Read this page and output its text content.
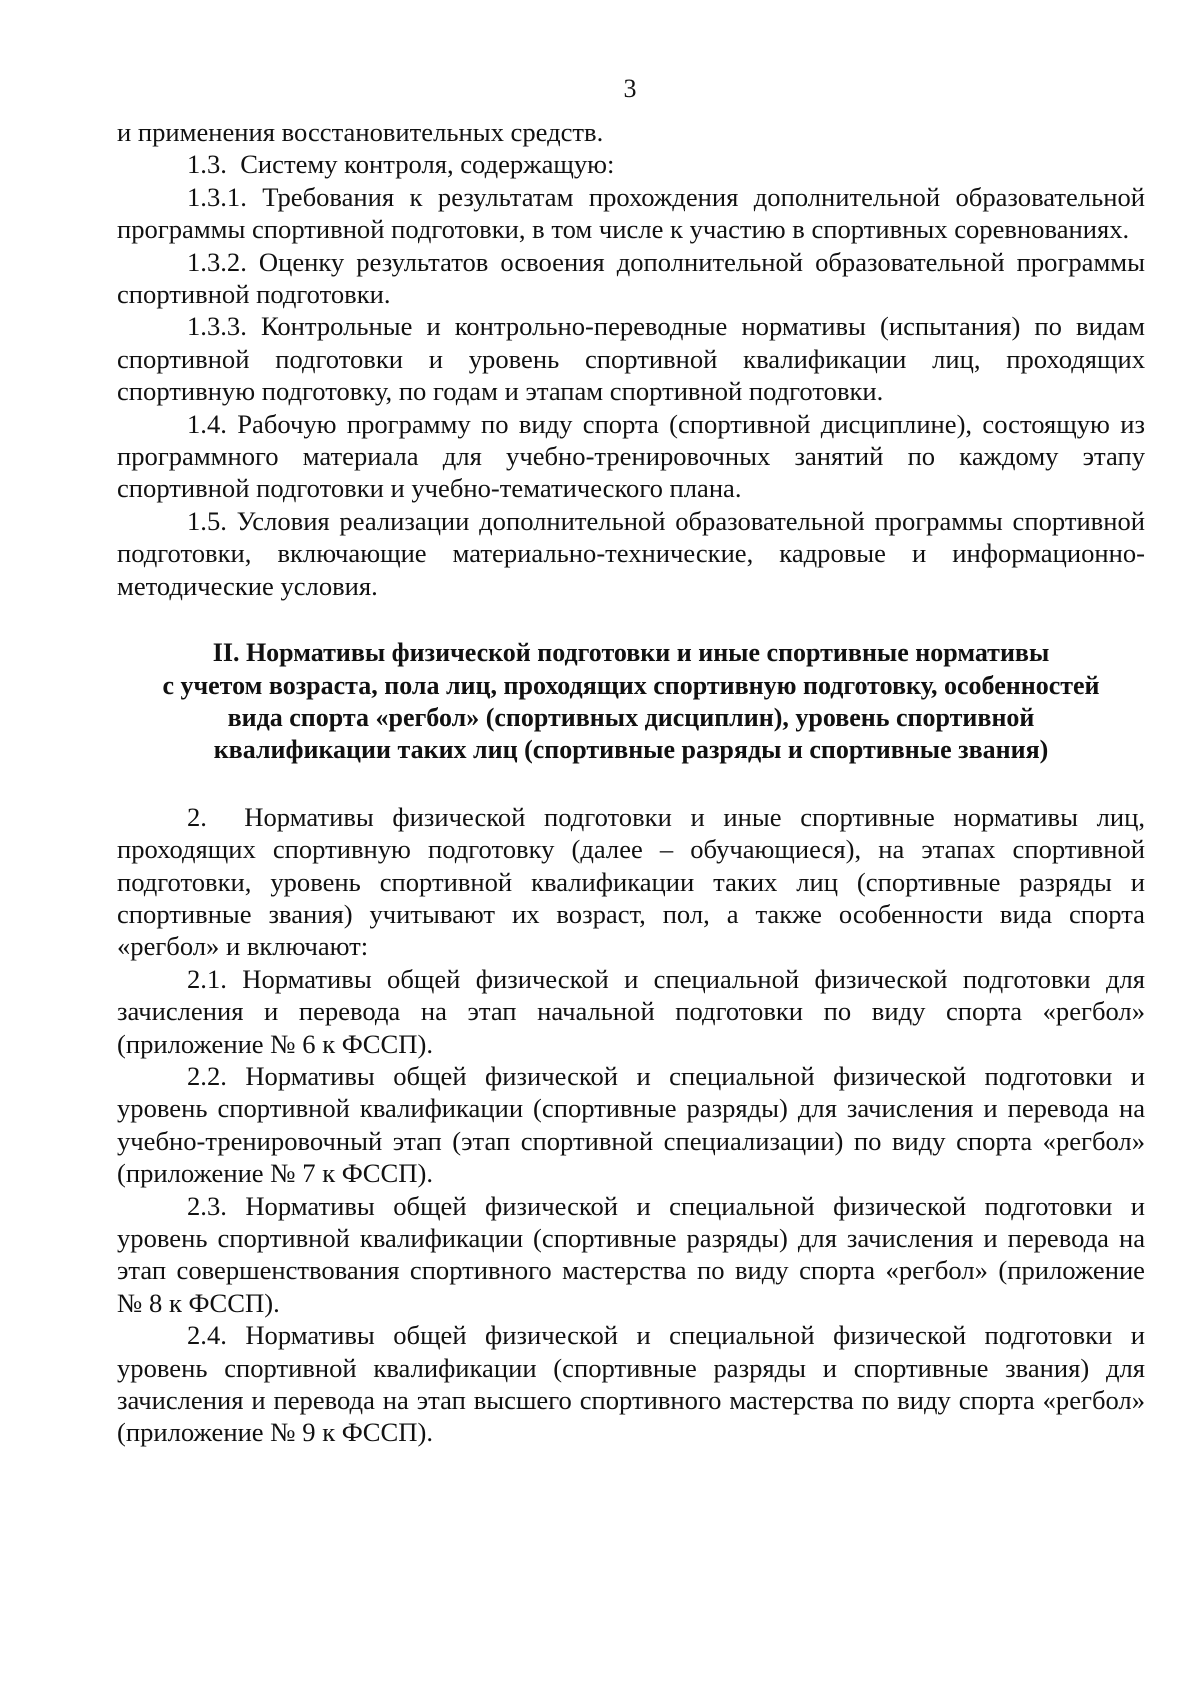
3

и применения восстановительных средств.

1.3.  Систему контроля, содержащую:

1.3.1. Требования к результатам прохождения дополнительной образовательной программы спортивной подготовки, в том числе к участию в спортивных соревнованиях.

1.3.2. Оценку результатов освоения дополнительной образовательной программы спортивной подготовки.

1.3.3. Контрольные и контрольно-переводные нормативы (испытания) по видам спортивной подготовки и уровень спортивной квалификации лиц, проходящих спортивную подготовку, по годам и этапам спортивной подготовки.

1.4. Рабочую программу по виду спорта (спортивной дисциплине), состоящую из программного материала для учебно-тренировочных занятий по каждому этапу спортивной подготовки и учебно-тематического плана.

1.5. Условия реализации дополнительной образовательной программы спортивной подготовки, включающие материально-технические, кадровые и информационно-методические условия.

II. Нормативы физической подготовки и иные спортивные нормативы
с учетом возраста, пола лиц, проходящих спортивную подготовку, особенностей
вида спорта «регбол» (спортивных дисциплин), уровень спортивной
квалификации таких лиц (спортивные разряды и спортивные звания)

2.  Нормативы физической подготовки и иные спортивные нормативы лиц, проходящих спортивную подготовку (далее – обучающиеся), на этапах спортивной подготовки, уровень спортивной квалификации таких лиц (спортивные разряды и спортивные звания) учитывают их возраст, пол, а также особенности вида спорта «регбол» и включают:

2.1. Нормативы общей физической и специальной физической подготовки для зачисления и перевода на этап начальной подготовки по виду спорта «регбол» (приложение № 6 к ФССП).

2.2. Нормативы общей физической и специальной физической подготовки и уровень спортивной квалификации (спортивные разряды) для зачисления и перевода на учебно-тренировочный этап (этап спортивной специализации) по виду спорта «регбол» (приложение № 7 к ФССП).

2.3. Нормативы общей физической и специальной физической подготовки и уровень спортивной квалификации (спортивные разряды) для зачисления и перевода на этап совершенствования спортивного мастерства по виду спорта «регбол» (приложение № 8 к ФССП).

2.4. Нормативы общей физической и специальной физической подготовки и уровень спортивной квалификации (спортивные разряды и спортивные звания) для зачисления и перевода на этап высшего спортивного мастерства по виду спорта «регбол» (приложение № 9 к ФССП).
